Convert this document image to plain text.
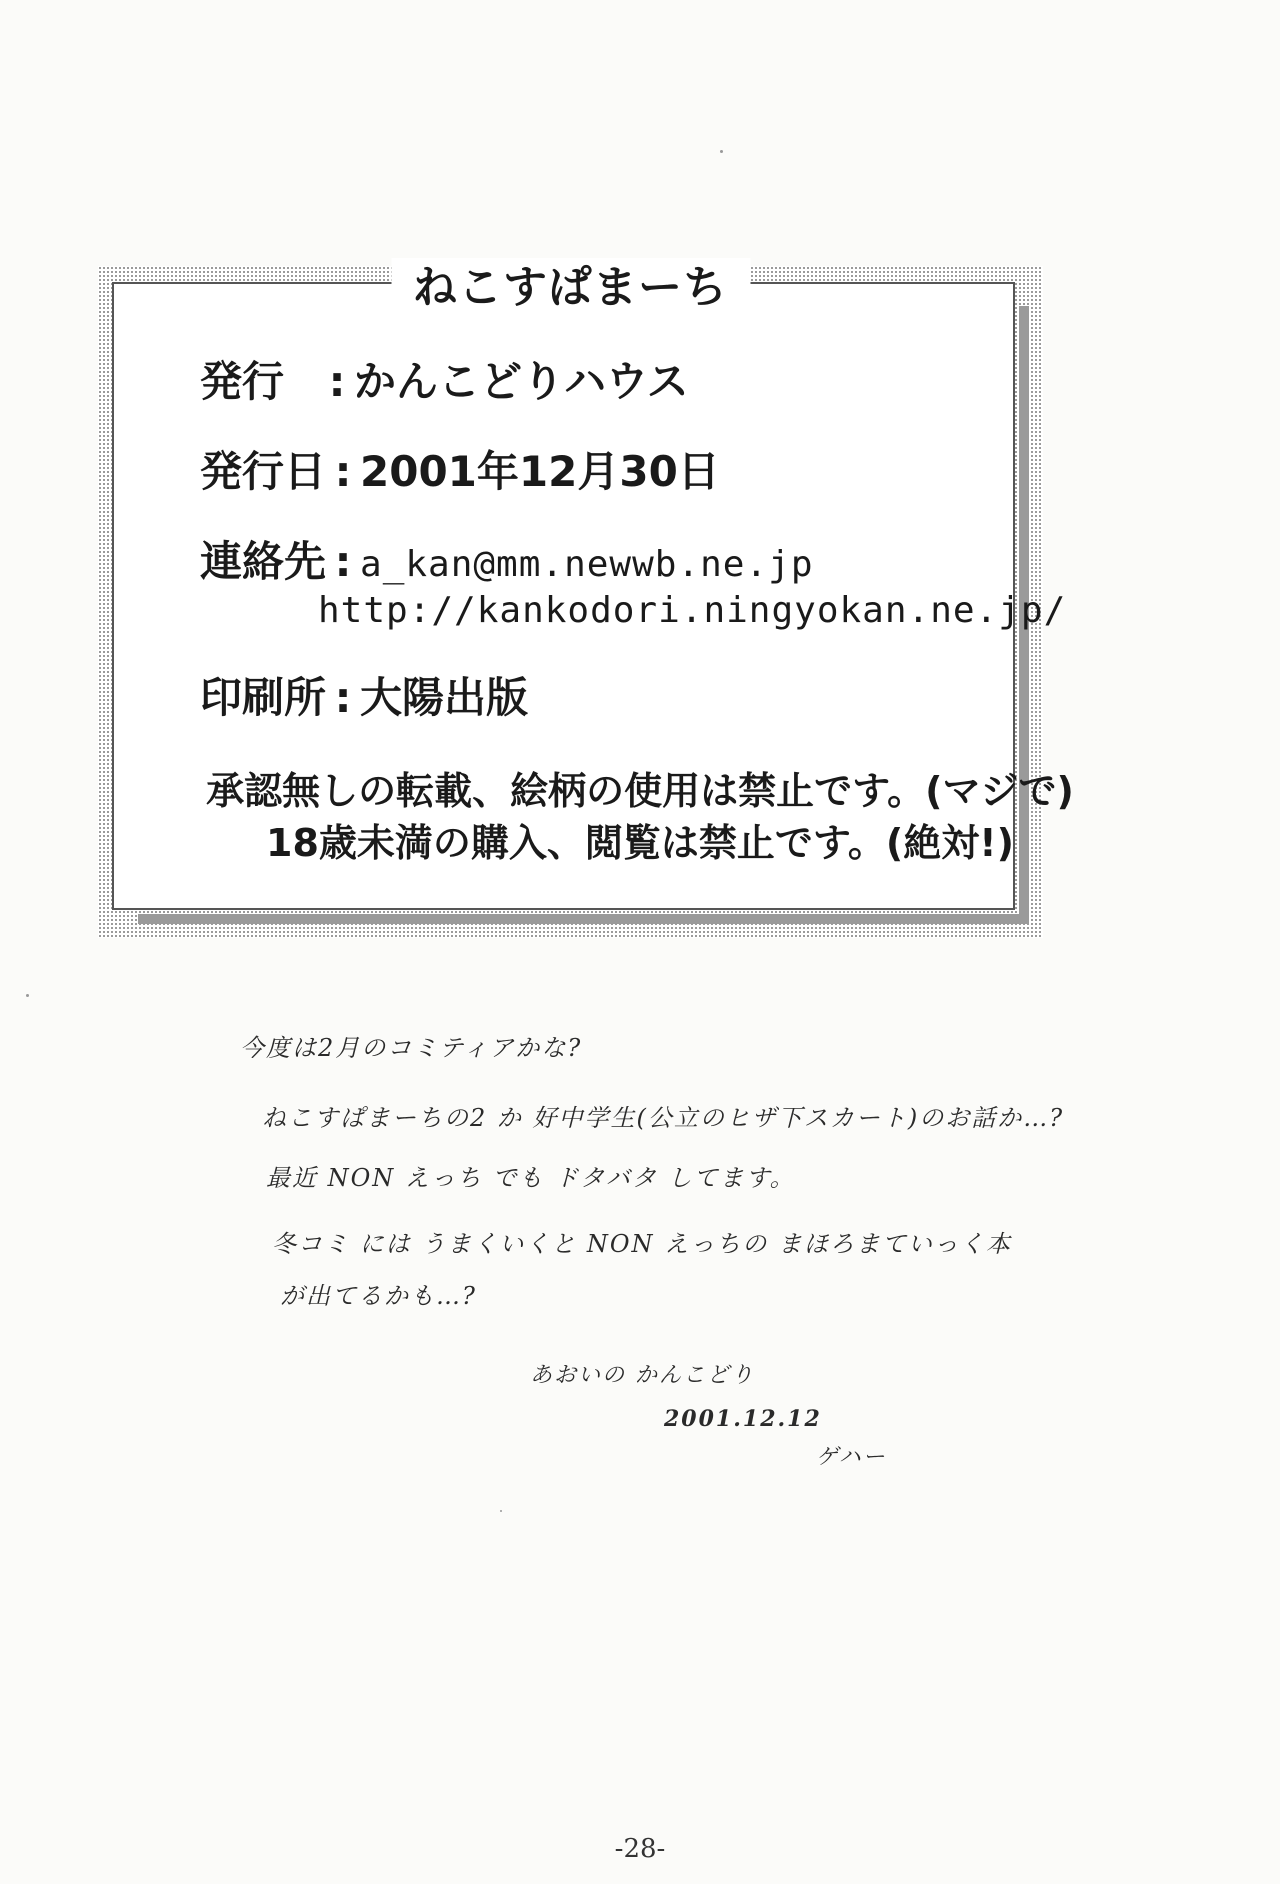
ねこすぱまーち
発行 : かんこどりハウス
発行日 : 2001年12月30日
連絡先 : a_kan@mm.newwb.ne.jp
http://kankodori.ningyokan.ne.jp/
印刷所 : 大陽出版
承認無しの転載、絵柄の使用は禁止です。(マジで)
18歳未満の購入、閲覧は禁止です。(絶対!)
今度は2月のコミティアかな?
ねこすぱまーちの2 か 好中学生(公立のヒザ下スカート)のお話か…?
最近 NON えっち でも ドタバタ してます。
冬コミ には うまくいくと NON えっちの まほろまていっく本
が出てるかも…?
あおいの かんこどり
2001.12.12
ゲハー
-28-
